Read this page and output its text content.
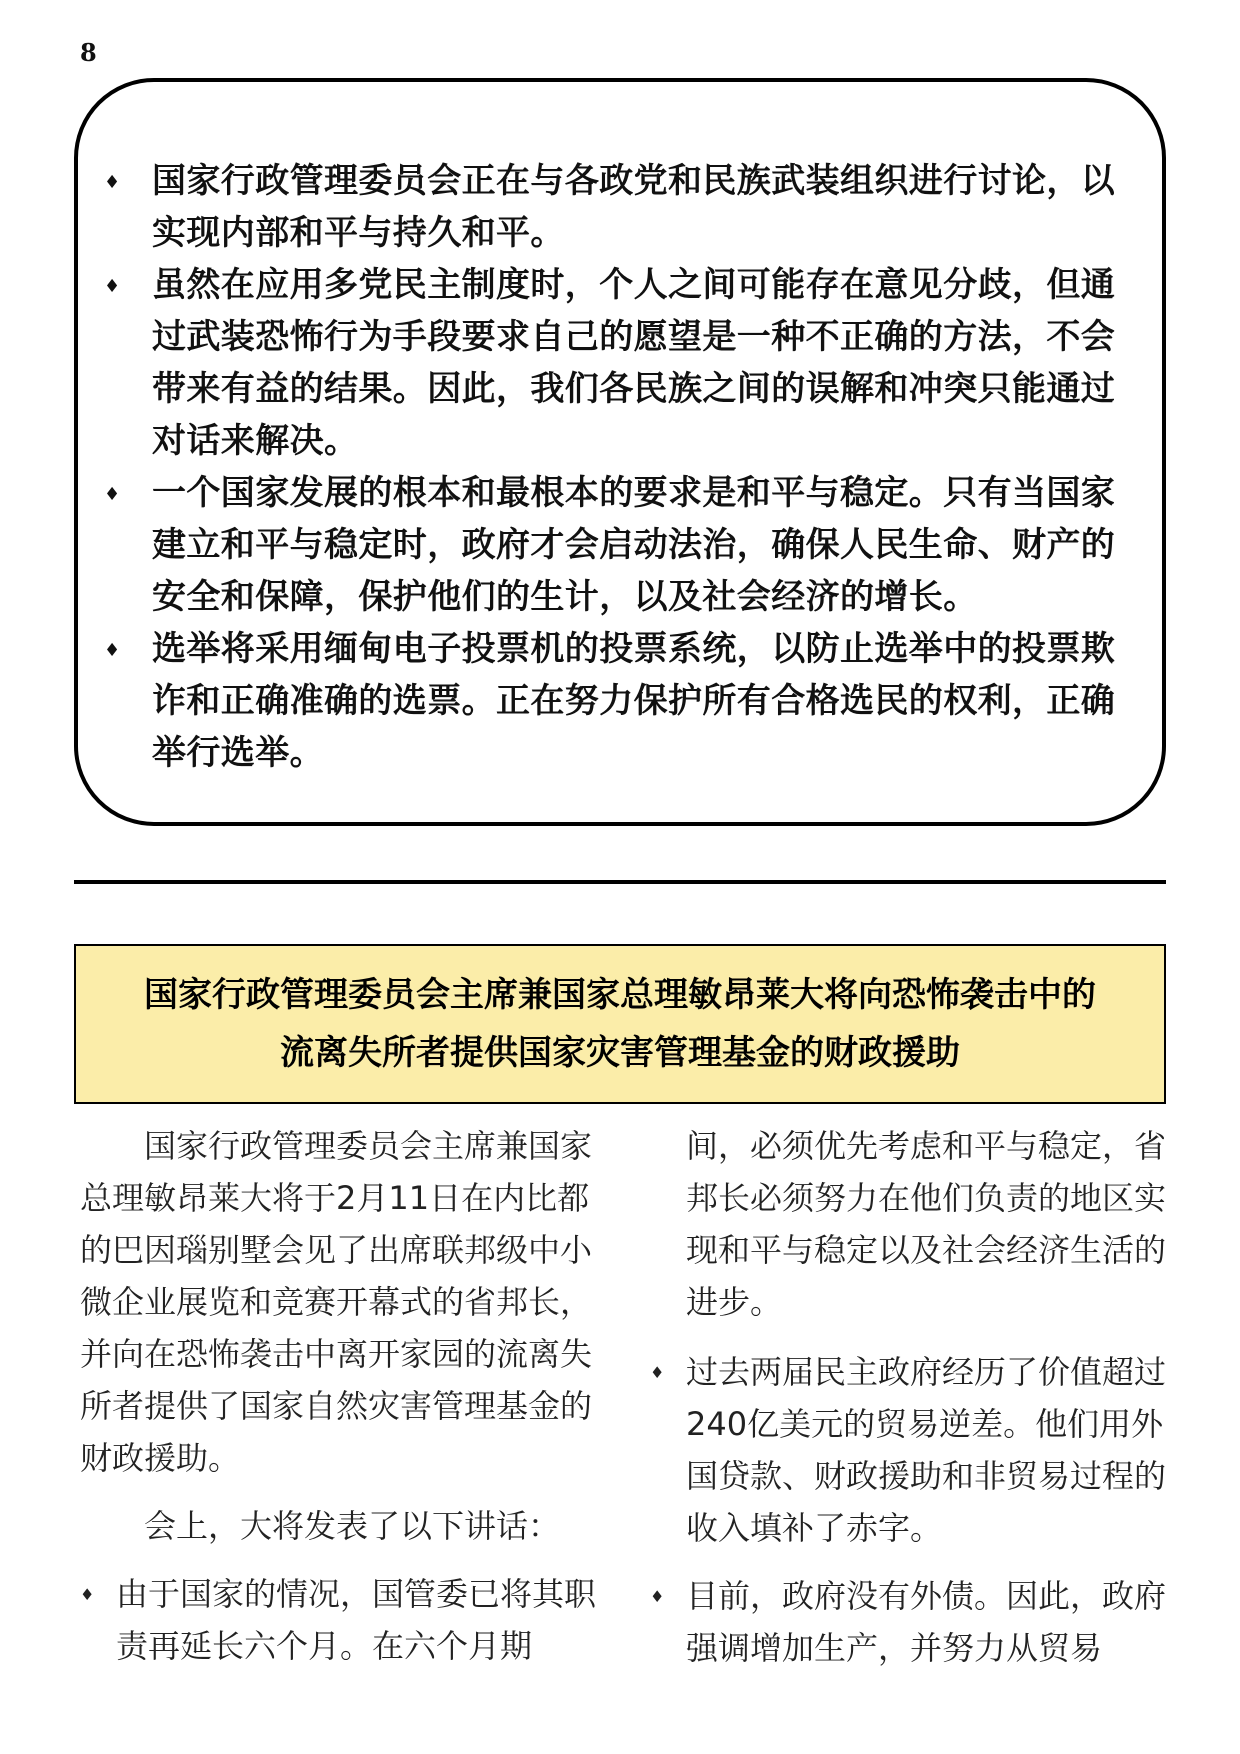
8
♦ 国家行政管理委员会正在与各政党和民族武装组织进行讨论，以实现内部和平与持久和平。
♦ 虽然在应用多党民主制度时，个人之间可能存在意见分歧，但通过武装恐怖行为手段要求自己的愿望是一种不正确的方法，不会带来有益的结果。因此，我们各民族之间的误解和冲突只能通过对话来解决。
♦ 一个国家发展的根本和最根本的要求是和平与稳定。只有当国家建立和平与稳定时，政府才会启动法治，确保人民生命、财产的安全和保障，保护他们的生计，以及社会经济的增长。
♦ 选举将采用缅甸电子投票机的投票系统，以防止选举中的投票欺诈和正确准确的选票。正在努力保护所有合格选民的权利，正确举行选举。
国家行政管理委员会主席兼国家总理敏昂莱大将向恐怖袭击中的
流离失所者提供国家灾害管理基金的财政援助

国家行政管理委员会主席兼国家总理敏昂莱大将于2月11日在内比都的巴因瑙别墅会见了出席联邦级中小微企业展览和竞赛开幕式的省邦长，并向在恐怖袭击中离开家园的流离失所者提供了国家自然灾害管理基金的财政援助。

会上，大将发表了以下讲话：

♦ 由于国家的情况，国管委已将其职责再延长六个月。在六个月期

间，必须优先考虑和平与稳定，省邦长必须努力在他们负责的地区实现和平与稳定以及社会经济生活的进步。

♦ 过去两届民主政府经历了价值超过240亿美元的贸易逆差。他们用外国贷款、财政援助和非贸易过程的收入填补了赤字。
♦ 目前，政府没有外债。因此，政府强调增加生产，并努力从贸易
